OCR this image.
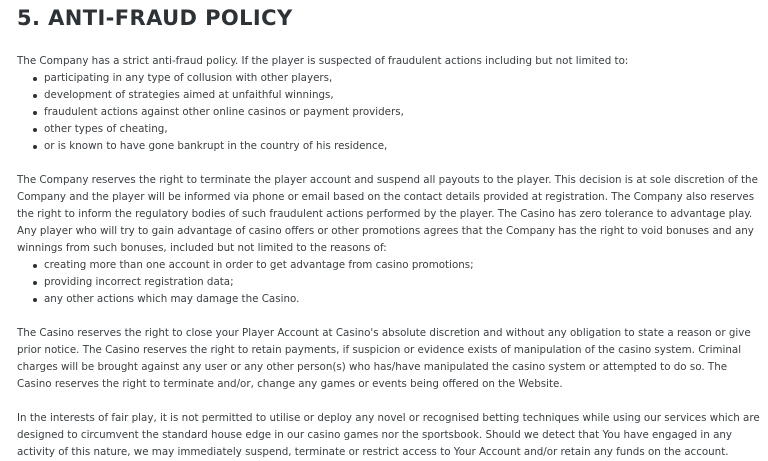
5. ANTI-FRAUD POLICY

The Company has a strict anti-fraud policy. If the player is suspected of fraudulent actions including but not limited to:

participating in any type of collusion with other players,
development of strategies aimed at unfaithful winnings,
fraudulent actions against other online casinos or payment providers,
other types of cheating,
or is known to have gone bankrupt in the country of his residence,

The Company reserves the right to terminate the player account and suspend all payouts to the player. This decision is at sole discretion of the Company and the player will be informed via phone or email based on the contact details provided at registration. The Company also reserves the right to inform the regulatory bodies of such fraudulent actions performed by the player. The Casino has zero tolerance to advantage play. Any player who will try to gain advantage of casino offers or other promotions agrees that the Company has the right to void bonuses and any winnings from such bonuses, included but not limited to the reasons of:

creating more than one account in order to get advantage from casino promotions;
providing incorrect registration data;
any other actions which may damage the Casino.

The Casino reserves the right to close your Player Account at Casino's absolute discretion and without any obligation to state a reason or give prior notice. The Casino reserves the right to retain payments, if suspicion or evidence exists of manipulation of the casino system. Criminal charges will be brought against any user or any other person(s) who has/have manipulated the casino system or attempted to do so. The Casino reserves the right to terminate and/or, change any games or events being offered on the Website.

In the interests of fair play, it is not permitted to utilise or deploy any novel or recognised betting techniques while using our services which are designed to circumvent the standard house edge in our casino games nor the sportsbook. Should we detect that You have engaged in any activity of this nature, we may immediately suspend, terminate or restrict access to Your Account and/or retain any funds on the account.
